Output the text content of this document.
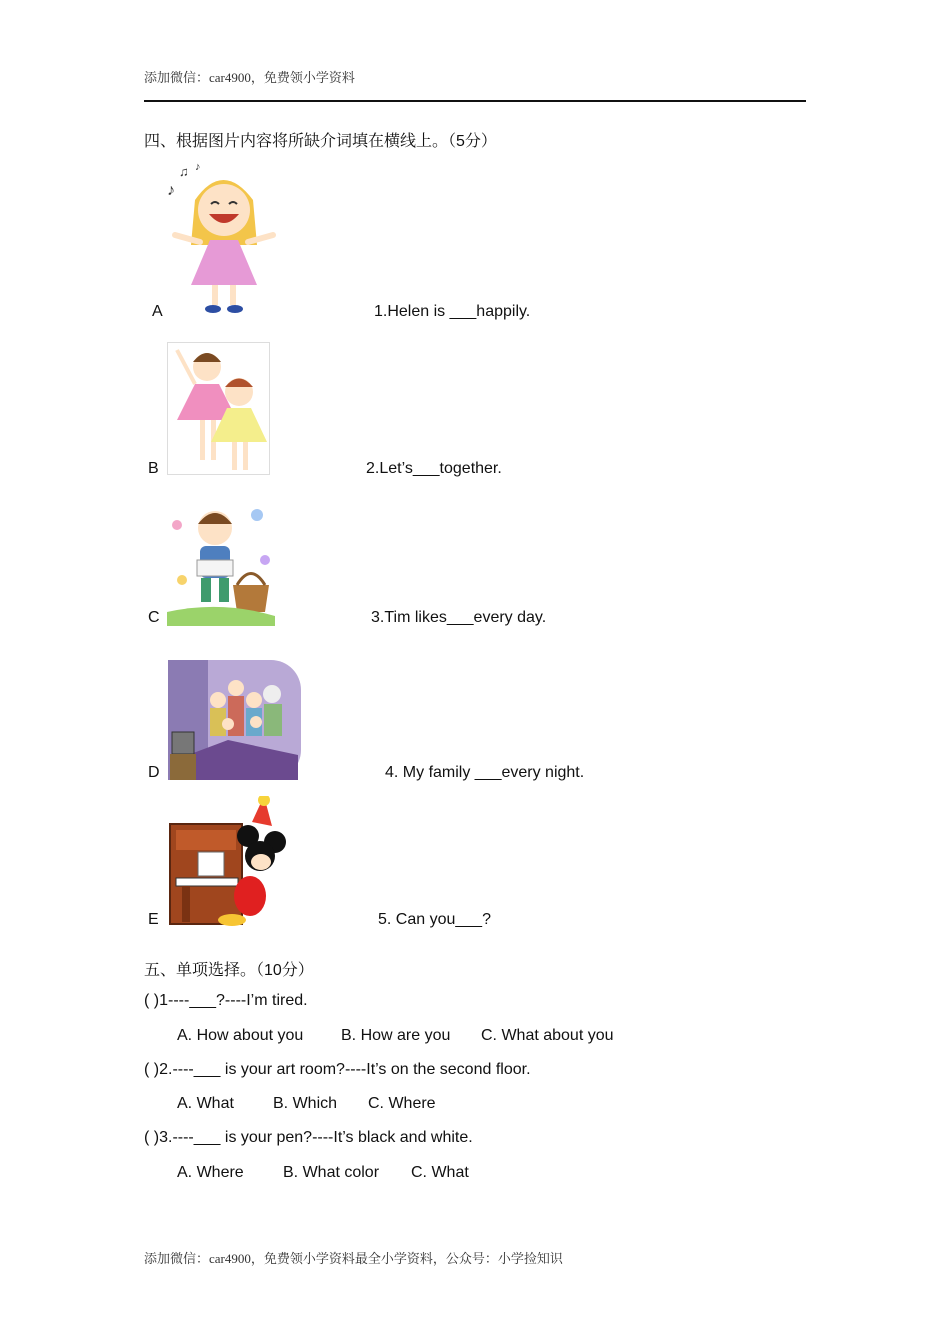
添加微信：car4900，免费领小学资料
四、根据图片内容将所缺介词填在横线上。（5分）
♪
♫ ♪
A	1.Helen is ___happily.
B	2.Let’s___together.
C	3.Tim likes___every day.
D	4. My family ___every night.
E	5. Can you___?
五、单项选择。（10分）
( )1----___?----I’m tired.
A. How about you B. How are you C. What about you
( )2.----___ is your art room?----It’s on the second floor.
A. What B. Which C. Where
( )3.----___ is your pen?----It’s black and white.
A. Where B. What color C. What
添加微信：car4900，免费领小学资料最全小学资料，公众号：小学捡知识
